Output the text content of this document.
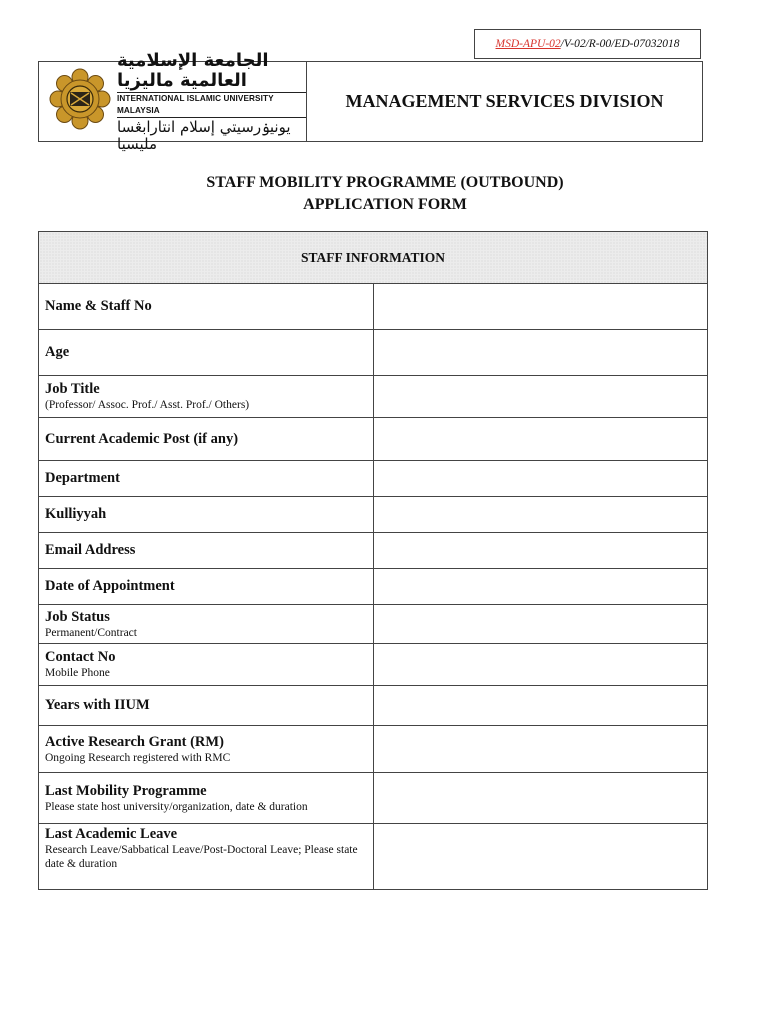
MSD-APU-02 /V-02/R-00/ED-07032018
الجامعة الإسلامية العالمية ماليزيا
INTERNATIONAL ISLAMIC UNIVERSITY MALAYSIA
يونيۏرسيتي إسلام انتارابڠسا مليسيا
MANAGEMENT SERVICES DIVISION
STAFF MOBILITY PROGRAMME (OUTBOUND)
APPLICATION FORM
STAFF INFORMATION	

Name & Staff No	

Age	

Job Title
(Professor/ Assoc. Prof./ Asst. Prof./ Others)	

Current Academic Post (if any)	

Department	

Kulliyyah	

Email Address	

Date of Appointment	

Job Status
Permanent/Contract	

Contact No
Mobile Phone	

Years with IIUM	

Active Research Grant (RM)
Ongoing Research registered with RMC	

Last Mobility Programme
Please state host university/organization, date & duration	

Last Academic Leave
Research Leave/Sabbatical Leave/Post-Doctoral Leave; Please state date & duration	
